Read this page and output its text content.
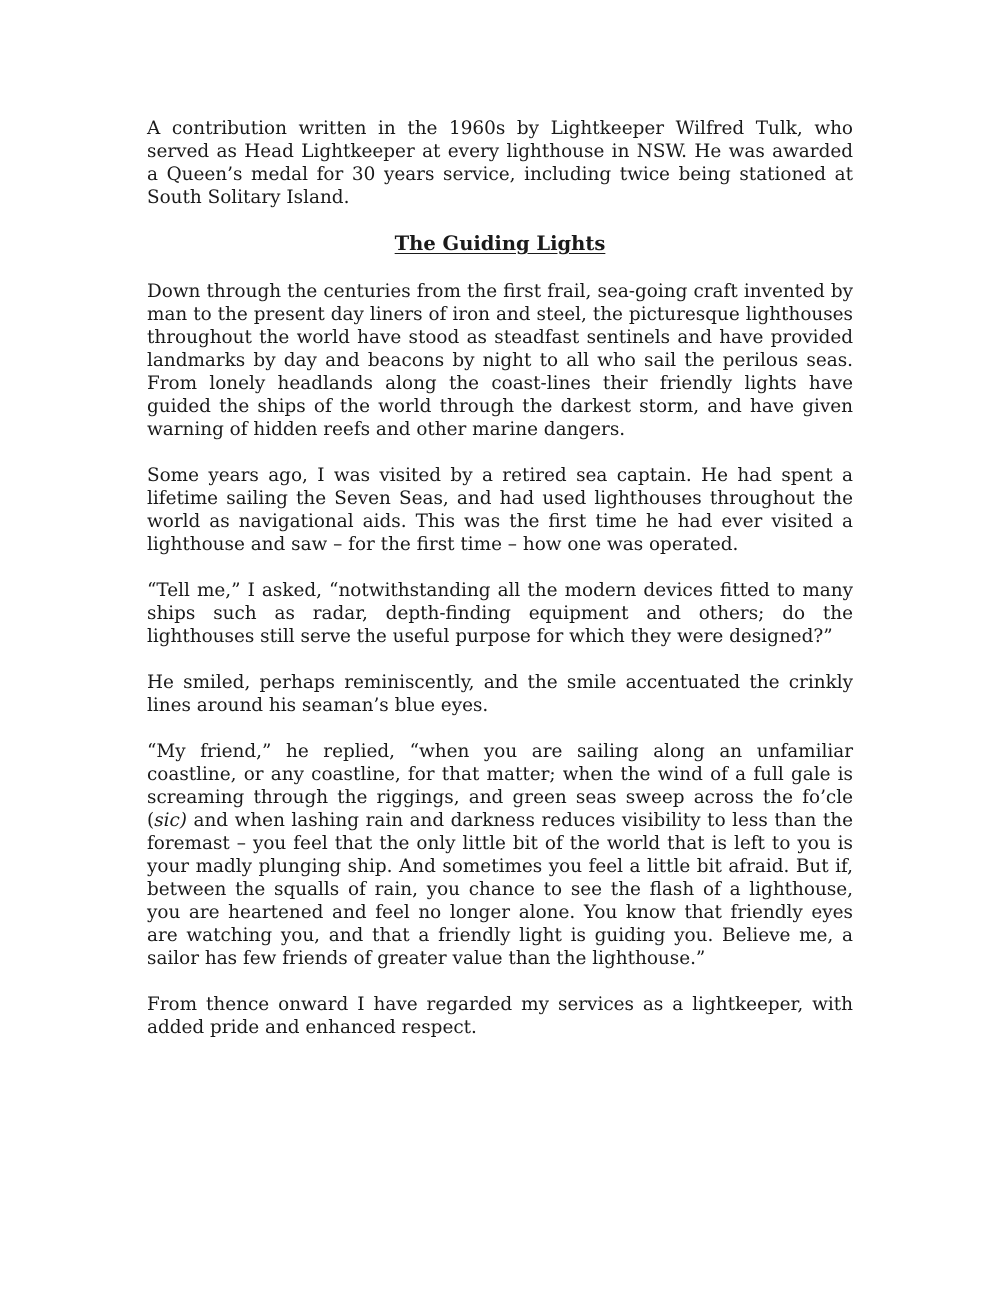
A contribution written in the 1960s by Lightkeeper Wilfred Tulk, who served as Head Lightkeeper at every lighthouse in NSW. He was awarded a Queen’s medal for 30 years service, including twice being stationed at South Solitary Island.

The Guiding Lights

Down through the centuries from the first frail, sea-going craft invented by man to the present day liners of iron and steel, the picturesque lighthouses throughout the world have stood as steadfast sentinels and have provided landmarks by day and beacons by night to all who sail the perilous seas. From lonely headlands along the coast-lines their friendly lights have guided the ships of the world through the darkest storm, and have given warning of hidden reefs and other marine dangers.

Some years ago, I was visited by a retired sea captain. He had spent a lifetime sailing the Seven Seas, and had used lighthouses throughout the world as navigational aids. This was the first time he had ever visited a lighthouse and saw – for the first time – how one was operated.

“Tell me,” I asked, “notwithstanding all the modern devices fitted to many ships such as radar, depth-finding equipment and others; do the lighthouses still serve the useful purpose for which they were designed?”

He smiled, perhaps reminiscently, and the smile accentuated the crinkly lines around his seaman’s blue eyes.

“My friend,” he replied, “when you are sailing along an unfamiliar coastline, or any coastline, for that matter; when the wind of a full gale is screaming through the riggings, and green seas sweep across the fo’cle (sic) and when lashing rain and darkness reduces visibility to less than the foremast – you feel that the only little bit of the world that is left to you is your madly plunging ship. And sometimes you feel a little bit afraid. But if, between the squalls of rain, you chance to see the flash of a lighthouse, you are heartened and feel no longer alone. You know that friendly eyes are watching you, and that a friendly light is guiding you. Believe me, a sailor has few friends of greater value than the lighthouse.”

From thence onward I have regarded my services as a lightkeeper, with added pride and enhanced respect.
